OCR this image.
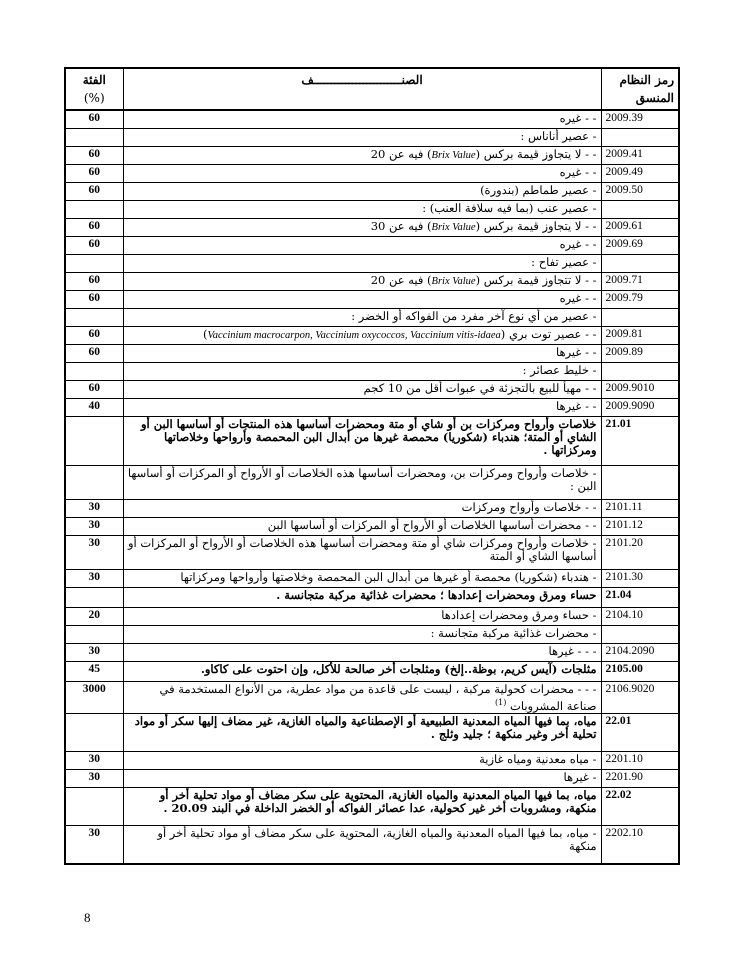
رمز النظام المنسق	الصنـــــــــــــــــــــــــف	الفئة
(%)

2009.39	- - غيره	60
	- عصير أناناس :	
2009.41	- - لا يتجاوز قيمة بركس (Brix Value) فيه عن 20	60
2009.49	- - غيره	60
2009.50	- عصير طماطم (بندورة)	60
	- عصير عنب (بما فيه سلافة العنب) :	
2009.61	- - لا يتجاوز قيمة بركس (Brix Value) فيه عن 30	60
2009.69	- - غيره	60
	- عصير تفاح :	
2009.71	- - لا تتجاوز قيمة بركس (Brix Value) فيه عن 20	60
2009.79	- - غيره	60
	- عصير من أي نوع آخر مفرد من الفواكه أو الخضر :	
2009.81	- - عصير توت بري (Vaccinium macrocarpon, Vaccinium oxycoccos, Vaccinium vitis-idaea)	60
2009.89	- - غيرها	60
	- خليط عصائر :	
2009.9010	- - مهيأ للبيع بالتجزئة في عبوات أقل من 10 كجم	60
2009.9090	- - غيرها	40
21.01	خلاصات وأرواح ومركزات بن أو شاي أو متة ومحضرات أساسها هذه المنتجات أو أساسها البن أو الشاي أو المتة؛ هندباء (شكوريا) محمصة غيرها من أبدال البن المحمصة وأرواحها وخلاصاتها ومركزاتها .	
	- خلاصات وأرواح ومركزات بن، ومحضرات أساسها هذه الخلاصات أو الأرواح أو المركزات أو أساسها البن :	
2101.11	- - خلاصات وأرواح ومركزات	30
2101.12	- - محضرات أساسها الخلاصات أو الأرواح أو المركزات أو أساسها البن	30
2101.20	- خلاصات وأرواح ومركزات شاي أو متة ومحضرات أساسها هذه الخلاصات أو الأرواح أو المركزات أو أساسها الشاي أو المتة	30
2101.30	- هندباء (شكوريا) محمصة أو غيرها من أبدال البن المحمصة وخلاصتها وأرواحها ومركزاتها	30
21.04	حساء ومرق ومحضرات إعدادها ؛ محضرات غذائية مركبة متجانسة .	
2104.10	- حساء ومرق ومحضرات إعدادها	20
	- محضرات غذائية مركبة متجانسة :	
2104.2090	- - - غيرها	30
2105.00	مثلجات (آيس كريم، بوظة..إلخ) ومثلجات أخر صالحة للأكل، وإن احتوت على كاكاو.	45
2106.9020	- - - محضرات كحولية مركبة ، ليست على قاعدة من مواد عطرية، من الأنواع المستخدمة في صناعة المشروبات $^{(1)}$	3000
22.01	مياه، بما فيها المياه المعدنية الطبيعية أو الإصطناعية والمياه الغازية، غير مضاف إليها سكر أو مواد تحلية أخر وغير منكهة ؛ جليد وثلج .	
2201.10	- مياه معدنية ومياه غازية	30
2201.90	- غيرها	30
22.02	مياه، بما فيها المياه المعدنية والمياه الغازية، المحتوية على سكر مضاف أو مواد تحلية أخر أو منكهة، ومشروبات أخر غير كحولية، عدا عصائر الفواكه أو الخضر الداخلة في البند 20.09 .	
2202.10	- مياه، بما فيها المياه المعدنية والمياه الغازية، المحتوية على سكر مضاف أو مواد تحلية أخر أو منكهة	30
8
